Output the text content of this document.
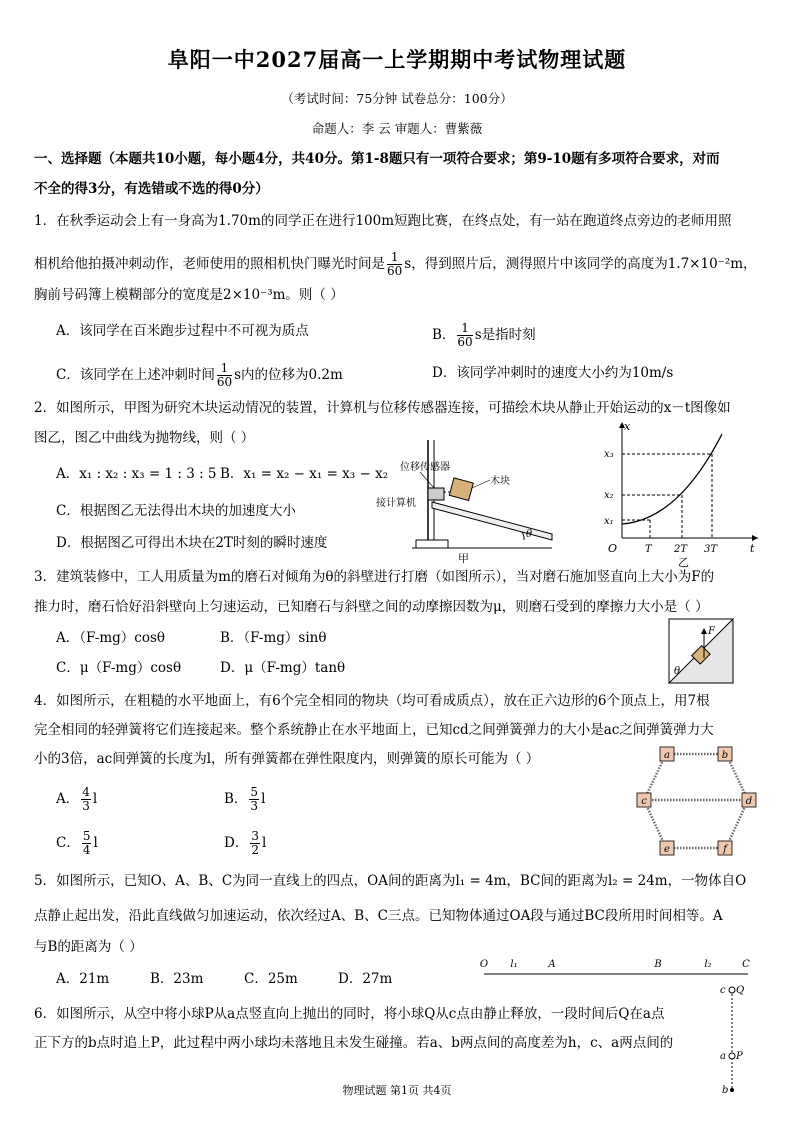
阜阳一中2027届高一上学期期中考试物理试题
（考试时间：75分钟 试卷总分：100分）
命题人：李 云 审题人：曹紫薇
一、选择题（本题共10小题，每小题4分，共40分。第1-8题只有一项符合要求；第9-10题有多项符合要求，对而
不全的得3分，有选错或不选的得0分）
1．在秋季运动会上有一身高为1.70m的同学正在进行100m短跑比赛，在终点处，有一站在跑道终点旁边的老师用照
相机给他拍摄冲刺动作，老师使用的照相机快门曝光时间是 $\frac{1}{60}$ s，得到照片后，测得照片中该同学的高度为1.7×10⁻²m，
胸前号码簿上模糊部分的宽度是2×10⁻³m。则（ ）
A．该同学在百米跑步过程中不可视为质点	B． $\frac{1}{60}$ s是指时刻
C．该同学在上述冲刺时间 $\frac{1}{60}$ s内的位移为0.2m	D．该同学冲刺时的速度大小约为10m/s
2．如图所示，甲图为研究木块运动情况的装置，计算机与位移传感器连接，可描绘木块从静止开始运动的x－t图像如
图乙，图乙中曲线为抛物线，则（ ）
A．x₁ : x₂ : x₃ = 1 : 3 : 5 B．x₁ = x₂ − x₁ = x₃ − x₂
C．根据图乙无法得出木块的加速度大小
D．根据图乙可得出木块在2T时刻的瞬时速度
θ
位移传感器
木块
接计算机
甲
x
t
O
x₁
x₂
x₃
T 2T 3T
乙
3．建筑装修中，工人用质量为m的磨石对倾角为θ的斜壁进行打磨（如图所示），当对磨石施加竖直向上大小为F的
推力时，磨石恰好沿斜壁向上匀速运动，已知磨石与斜壁之间的动摩擦因数为μ，则磨石受到的摩擦力大小是（ ）
A．（F-mg）cosθ	B．（F-mg）sinθ
C．μ（F-mg）cosθ	D．μ（F-mg）tanθ
F
θ
4．如图所示，在粗糙的水平地面上，有6个完全相同的物块（均可看成质点），放在正六边形的6个顶点上，用7根
完全相同的轻弹簧将它们连接起来。整个系统静止在水平地面上，已知cd之间弹簧弹力的大小是ac之间弹簧弹力大
小的3倍，ac间弹簧的长度为l，所有弹簧都在弹性限度内，则弹簧的原长可能为（ ）
A． $\frac{4}{3}$ l	B． $\frac{5}{3}$ l
C． $\frac{5}{4}$ l	D． $\frac{3}{2}$ l
a	b
c	d
e	f
5．如图所示，已知O、A、B、C为同一直线上的四点，OA间的距离为l₁ = 4m，BC间的距离为l₂ = 24m，一物体自O
点静止起出发，沿此直线做匀加速运动，依次经过A、B、C三点。已知物体通过OA段与通过BC段所用时间相等。A
与B的距离为（ ）
A．21m	B．23m	C．25m	D．27m
O l₁	A	B	l₂	C
6．如图所示，从空中将小球P从a点竖直向上抛出的同时，将小球Q从c点由静止释放，一段时间后Q在a点
正下方的b点时追上P，此过程中两小球均未落地且未发生碰撞。若a、b两点间的高度差为h，c、a两点间的
c Q
a P
b
物理试题 第1页 共4页
